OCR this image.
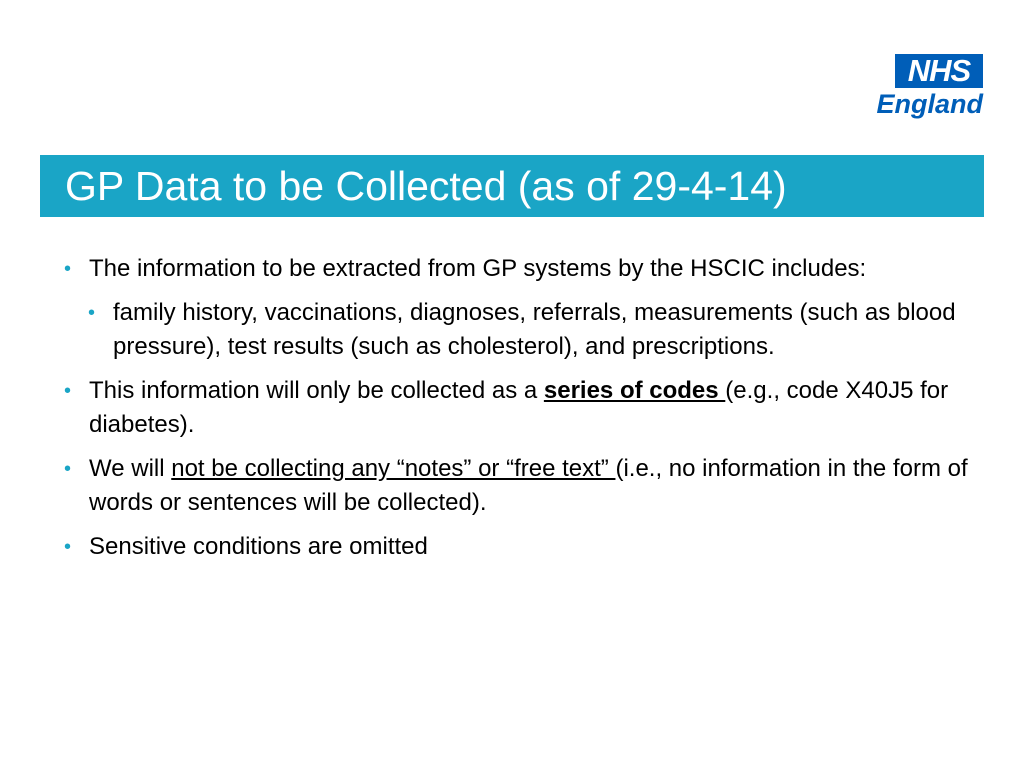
NHS
England
GP Data to be Collected (as of 29-4-14)
• The information to be extracted from GP systems by the HSCIC includes:
• family history, vaccinations, diagnoses, referrals, measurements (such as blood pressure), test results (such as cholesterol), and prescriptions.
• This information will only be collected as a series of codes (e.g., code X40J5 for diabetes).
• We will not be collecting any “notes” or “free text” (i.e., no information in the form of words or sentences will be collected).
• Sensitive conditions are omitted
